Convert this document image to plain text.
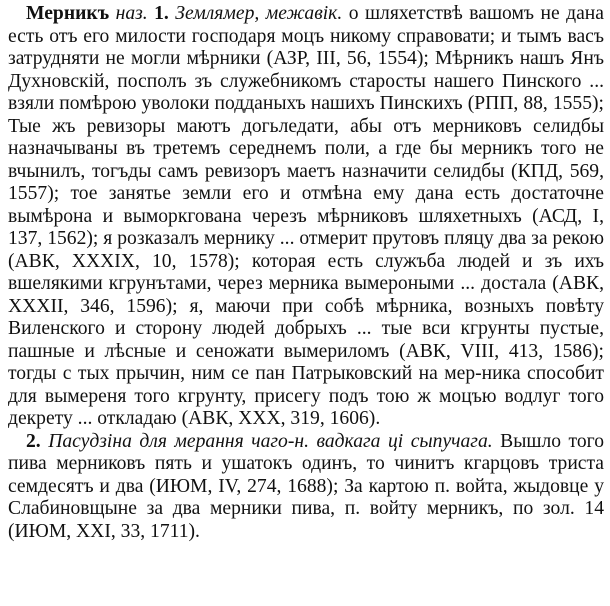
Мерникъ наз. 1. Землямер, межавік. о шляхетствѣ вашомъ не дана есть отъ его милости господаря моцъ никому справовати; и тымъ васъ затрудняти не могли мѣрники (АЗР, III, 56, 1554); Мѣрникъ нашъ Янъ Духновскій, посполъ зъ служебникомъ старосты нашего Пинского ... взяли помѣрою уволоки подданыхъ нашихъ Пинскихъ (РПП, 88, 1555); Тые жъ ревизоры маютъ догьледати, абы отъ мерниковъ селидбы назначываны въ третемъ середнемъ поли, а где бы мерникъ того не вчынилъ, тогъды самъ ревизоръ маетъ назначити селидбы (КПД, 569, 1557); тое занятье земли его и отмѣна ему дана есть достаточне вымѣрона и выморкгована черезъ мѣрниковъ шляхетныхъ (АСД, I, 137, 1562); я розказалъ мернику ... отмерит прутовъ пляцу два за рекою (АВК, XXXIX, 10, 1578); которая есть служъба людей и зъ ихъ вшелякими кгрунътами, через мерника вымероными ... достала (АВК, XXXII, 346, 1596); я, маючи при собѣ мѣрника, возныхъ повѣту Виленского и сторону людей добрыхъ ... тые вси кгрунты пустые, пашные и лѣсные и сеножати вымериломъ (АВК, VIII, 413, 1586); тогды с тых прычин, ним се пан Патрыковский на мер-ника способит для вымереня того кгрунту, присегу подъ тою ж моцъю водлуг того декрету ... откладаю (АВК, XXX, 319, 1606).

2. Пасудзіна для мерання чаго-н. вадкага ці сыпучага. Вышло того пива мерниковъ пять и ушатокъ одинъ, то чинитъ кгарцовъ триста семдесятъ и два (ИЮМ, IV, 274, 1688); За картою п. войта, жыдовце у Слабиновщыне за два мерники пива, п. войту мерникъ, по зол. 14 (ИЮМ, XXI, 33, 1711).
